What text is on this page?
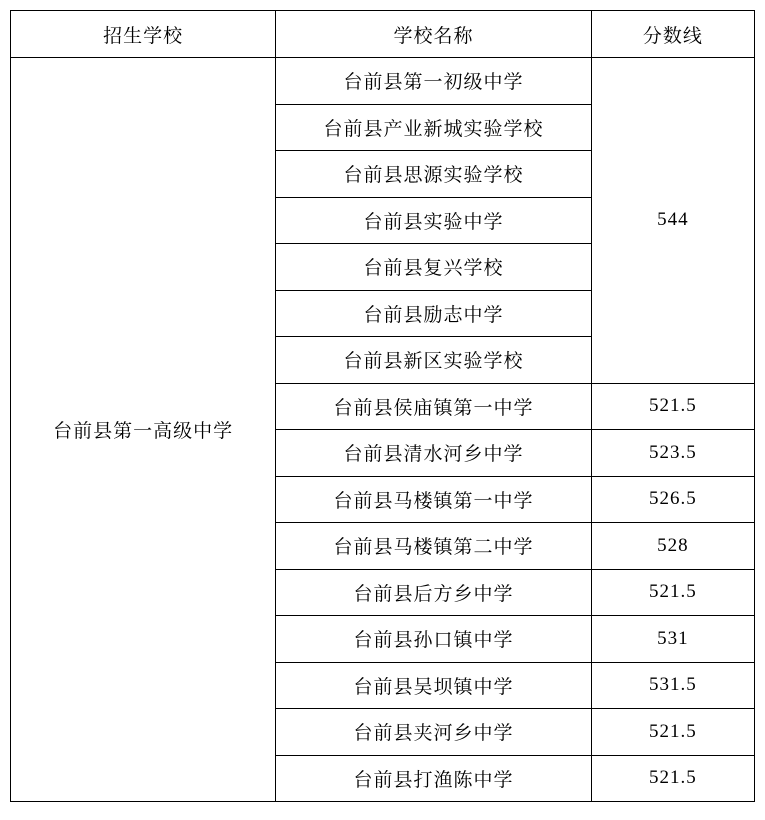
招生学校	学校名称	分数线
台前县第一高级中学	台前县第一初级中学	544
	台前县产业新城实验学校	
	台前县思源实验学校	
	台前县实验中学	
	台前县复兴学校	
	台前县励志中学	
	台前县新区实验学校	
	台前县侯庙镇第一中学	521.5
	台前县清水河乡中学	523.5
	台前县马楼镇第一中学	526.5
	台前县马楼镇第二中学	528
	台前县后方乡中学	521.5
	台前县孙口镇中学	531
	台前县吴坝镇中学	531.5
	台前县夹河乡中学	521.5
	台前县打渔陈中学	521.5
